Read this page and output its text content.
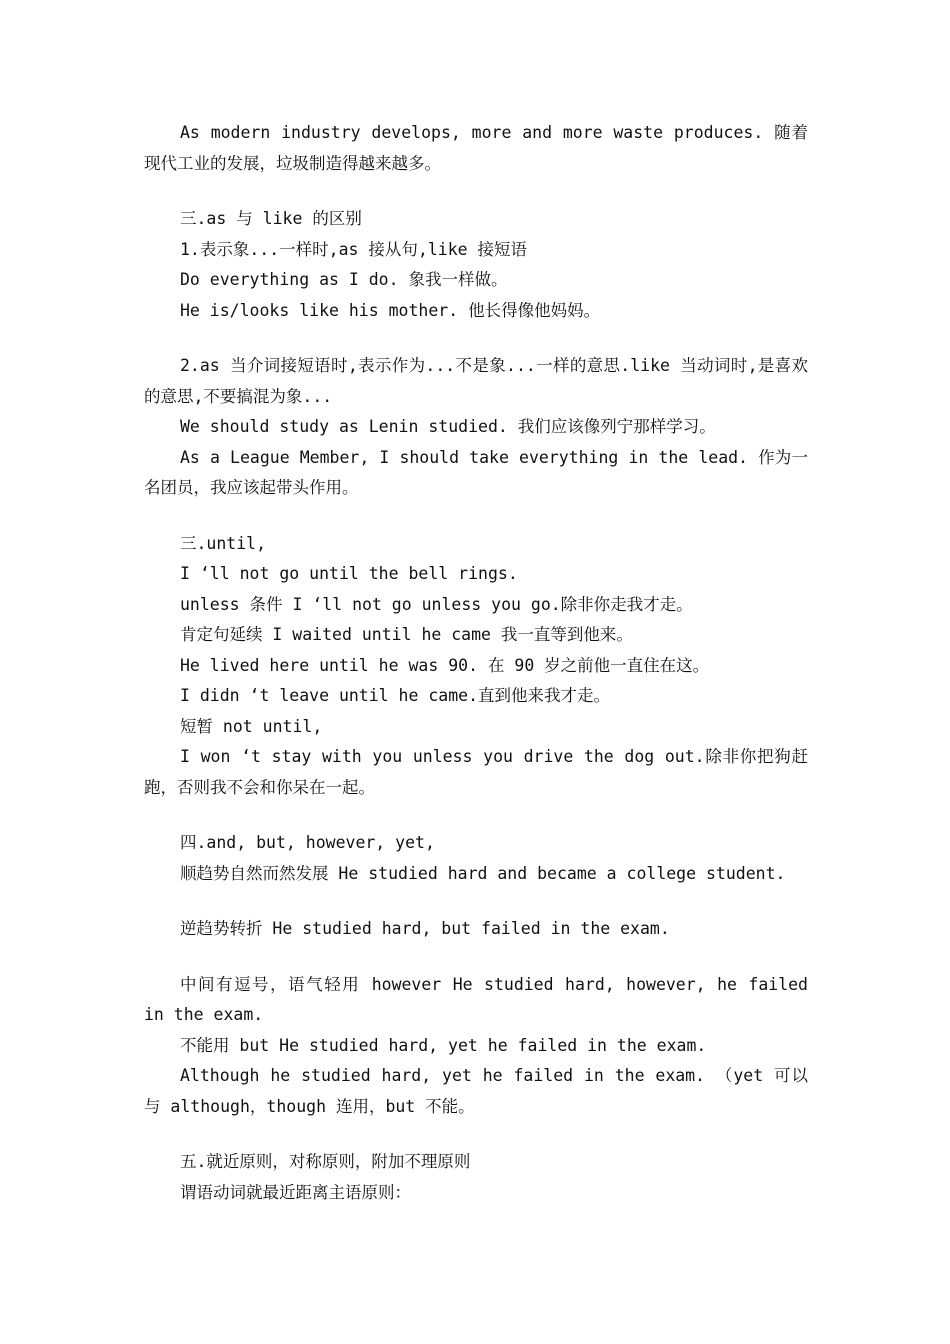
As modern industry develops, more and more waste produces. 随着现代工业的发展，垃圾制造得越来越多。

三.as 与 like 的区别

1.表示象...一样时,as 接从句,like 接短语

Do everything as I do. 象我一样做。

He is/looks like his mother. 他长得像他妈妈。

2.as 当介词接短语时,表示作为...不是象...一样的意思.like 当动词时,是喜欢的意思,不要搞混为象...

We should study as Lenin studied. 我们应该像列宁那样学习。

As a League Member, I should take everything in the lead. 作为一名团员，我应该起带头作用。

三.until,

I ‘ll not go until the bell rings.

unless 条件 I ‘ll not go unless you go.除非你走我才走。

肯定句延续 I waited until he came 我一直等到他来。

He lived here until he was 90. 在 90 岁之前他一直住在这。

I didn ‘t leave until he came.直到他来我才走。

短暂 not until,

I won ‘t stay with you unless you drive the dog out.除非你把狗赶跑，否则我不会和你呆在一起。

四.and, but, however, yet,

顺趋势自然而然发展 He studied hard and became a college student.

逆趋势转折 He studied hard, but failed in the exam.

中间有逗号，语气轻用 however He studied hard, however, he failed in the exam.

不能用 but He studied hard, yet he failed in the exam.

Although he studied hard, yet he failed in the exam. （yet 可以与 although，though 连用，but 不能。

五.就近原则，对称原则，附加不理原则

谓语动词就最近距离主语原则：
